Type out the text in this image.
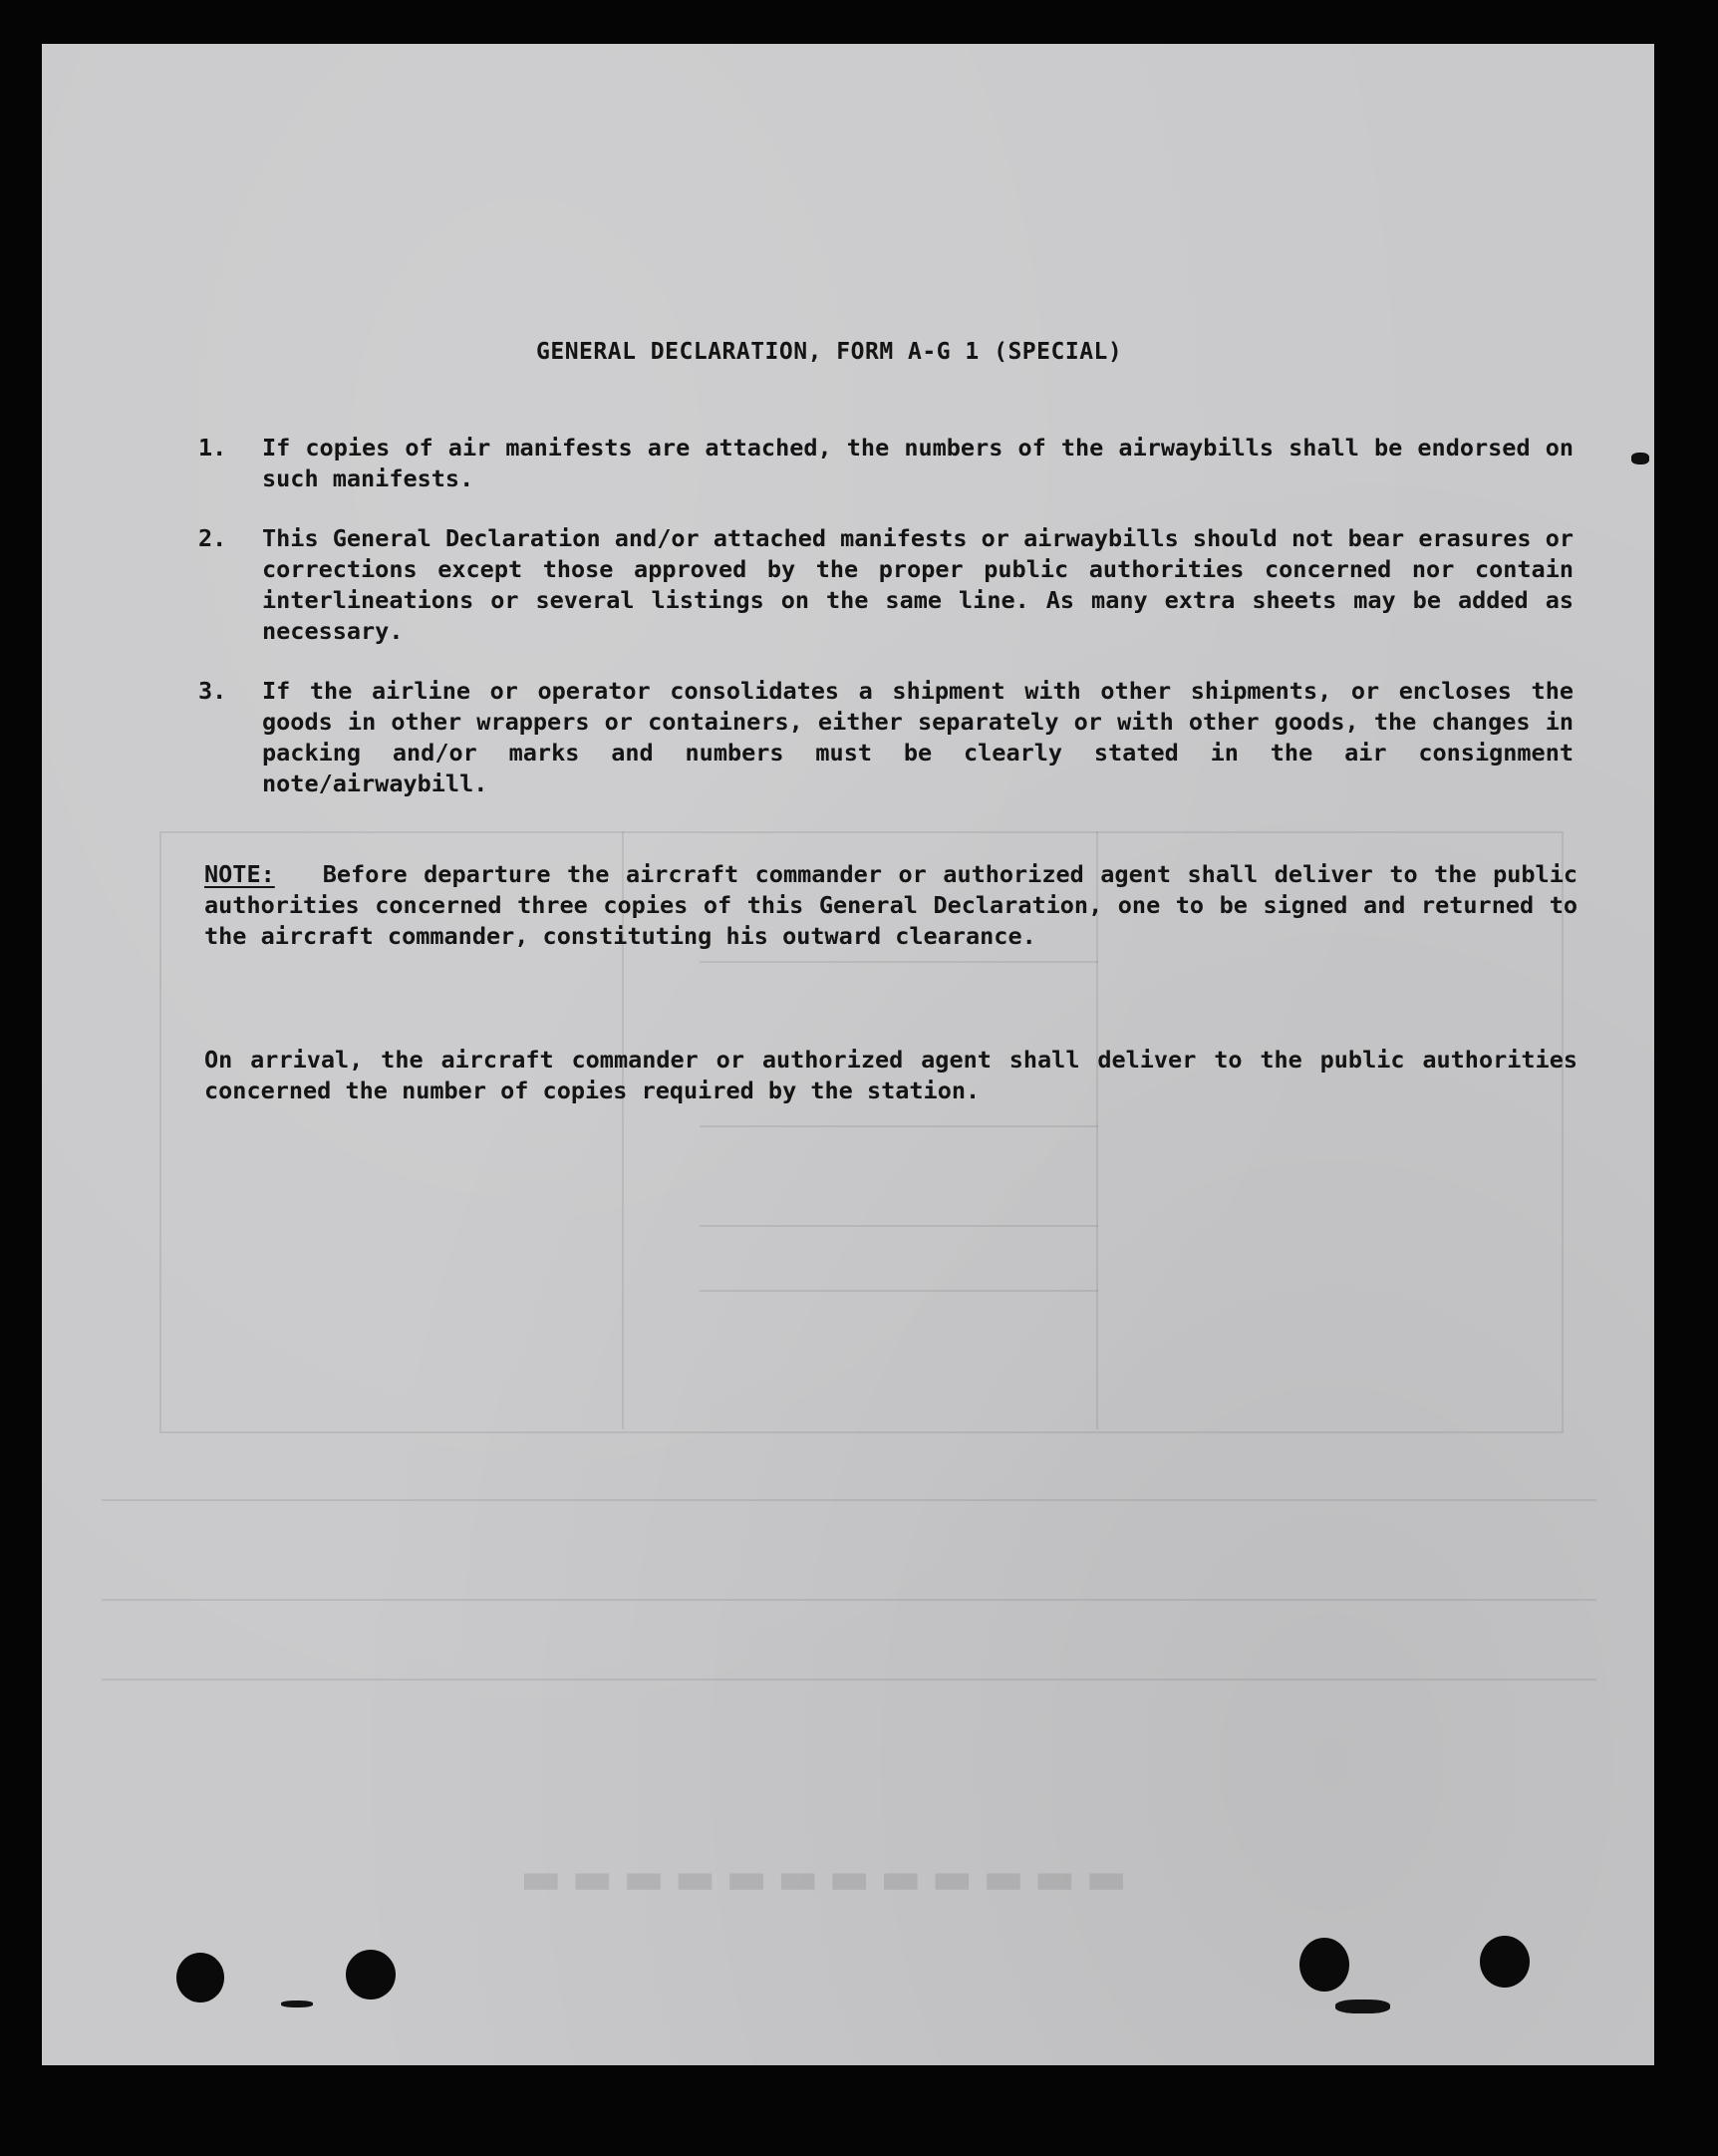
▬▬▬▬▬▬▬▬▬▬▬▬
GENERAL DECLARATION, FORM A-G 1 (SPECIAL)
1.	If copies of air manifests are attached, the numbers of the airwaybills shall be endorsed on such manifests.
2.	This General Declaration and/or attached manifests or airwaybills should not bear erasures or corrections except those approved by the proper public authorities concerned nor contain interlineations or several listings on the same line. As many extra sheets may be added as necessary.
3.	If the airline or operator consolidates a shipment with other shipments, or encloses the goods in other wrappers or containers, either separately or with other goods, the changes in packing and/or marks and numbers must be clearly stated in the air consignment note/airwaybill.
NOTE: Before departure the aircraft commander or authorized agent shall deliver to the public authorities concerned three copies of this General Declaration, one to be signed and returned to the aircraft commander, constituting his outward clearance.
On arrival, the aircraft commander or authorized agent shall deliver to the public authorities concerned the number of copies required by the station.
